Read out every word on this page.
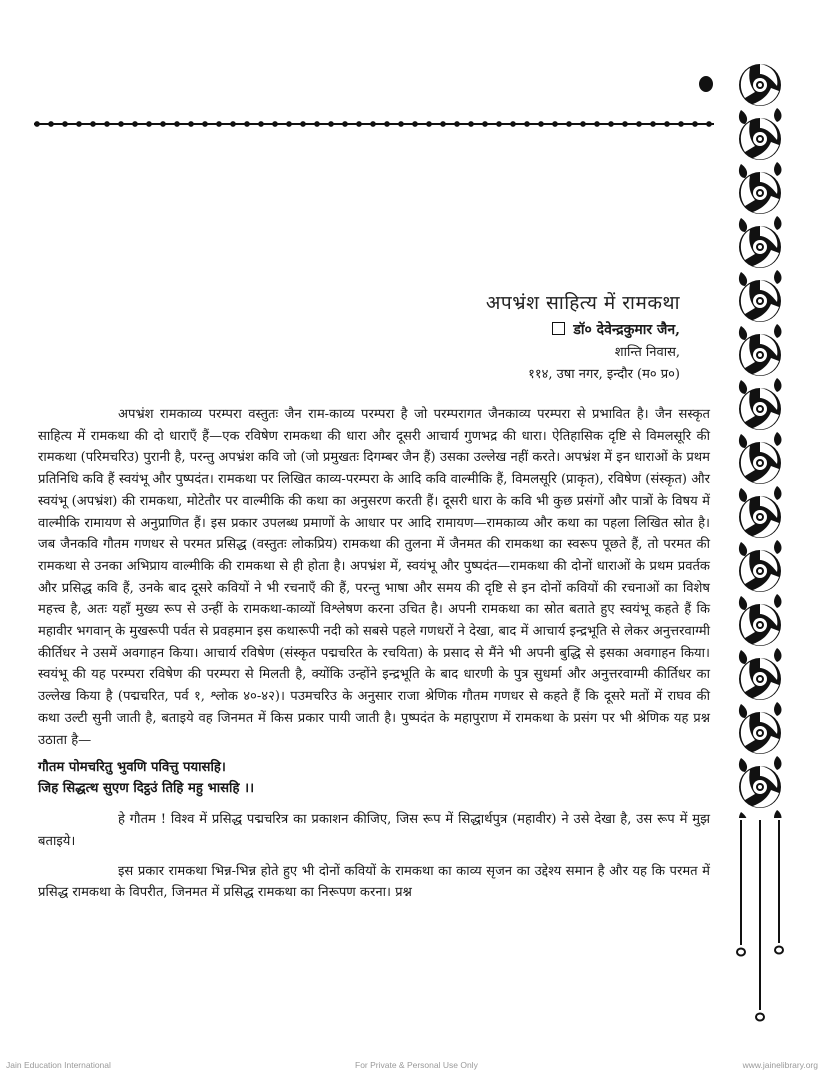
अपभ्रंश साहित्य में रामकथा
डॉ० देवेन्द्रकुमार जैन,
शान्ति निवास,
११४, उषा नगर, इन्दौर (म० प्र०)

अपभ्रंश रामकाव्य परम्परा वस्तुतः जैन राम-काव्य परम्परा है जो परम्परागत जैनकाव्य परम्परा से प्रभावित है। जैन सस्कृत साहित्य में रामकथा की दो धाराएँ हैं—एक रविषेण रामकथा की धारा और दूसरी आचार्य गुणभद्र की धारा। ऐतिहासिक दृष्टि से विमलसूरि की रामकथा (परिमचरिउ) पुरानी है, परन्तु अपभ्रंश कवि जो (जो प्रमुखतः दिगम्बर जैन हैं) उसका उल्लेख नहीं करते। अपभ्रंश में इन धाराओं के प्रथम प्रतिनिधि कवि हैं स्वयंभू और पुष्पदंत। रामकथा पर लिखित काव्य-परम्परा के आदि कवि वाल्मीकि हैं, विमलसूरि (प्राकृत), रविषेण (संस्कृत) और स्वयंभू (अपभ्रंश) की रामकथा, मोटेतौर पर वाल्मीकि की कथा का अनुसरण करती हैं। दूसरी धारा के कवि भी कुछ प्रसंगों और पात्रों के विषय में वाल्मीकि रामायण से अनुप्राणित हैं। इस प्रकार उपलब्ध प्रमाणों के आधार पर आदि रामायण—रामकाव्य और कथा का पहला लिखित स्रोत है। जब जैनकवि गौतम गणधर से परमत प्रसिद्ध (वस्तुतः लोकप्रिय) रामकथा की तुलना में जैनमत की रामकथा का स्वरूप पूछते हैं, तो परमत की रामकथा से उनका अभिप्राय वाल्मीकि की रामकथा से ही होता है। अपभ्रंश में, स्वयंभू और पुष्पदंत—रामकथा की दोनों धाराओं के प्रथम प्रवर्तक और प्रसिद्ध कवि हैं, उनके बाद दूसरे कवियों ने भी रचनाएँ की हैं, परन्तु भाषा और समय की दृष्टि से इन दोनों कवियों की रचनाओं का विशेष महत्त्व है, अतः यहाँ मुख्य रूप से उन्हीं के रामकथा-काव्यों विश्लेषण करना उचित है। अपनी रामकथा का स्रोत बताते हुए स्वयंभू कहते हैं कि महावीर भगवान् के मुखरूपी पर्वत से प्रवहमान इस कथारूपी नदी को सबसे पहले गणधरों ने देखा, बाद में आचार्य इन्द्रभूति से लेकर अनुत्तरवाग्मी कीर्तिधर ने उसमें अवगाहन किया। आचार्य रविषेण (संस्कृत पद्मचरित के रचयिता) के प्रसाद से मैंने भी अपनी बुद्धि से इसका अवगाहन किया। स्वयंभू की यह परम्परा रविषेण की परम्परा से मिलती है, क्योंकि उन्होंने इन्द्रभूति के बाद धारणी के पुत्र सुधर्मा और अनुत्तरवाग्मी कीर्तिधर का उल्लेख किया है (पद्मचरित, पर्व १, श्लोक ४०-४२)। पउमचरिउ के अनुसार राजा श्रेणिक गौतम गणधर से कहते हैं कि दूसरे मतों में राघव की कथा उल्टी सुनी जाती है, बताइये वह जिनमत में किस प्रकार पायी जाती है। पुष्पदंत के महापुराण में रामकथा के प्रसंग पर भी श्रेणिक यह प्रश्न उठाता है—

गौतम पोमचरितु भुवणि पवित्तु पयासहि।
जिह सिद्धत्थ सुएण दिट्ठउं तिहि महु भासहि ।।

हे गौतम ! विश्व में प्रसिद्ध पद्मचरित्र का प्रकाशन कीजिए, जिस रूप में सिद्धार्थपुत्र (महावीर) ने उसे देखा है, उस रूप में मुझ बताइये।

इस प्रकार रामकथा भिन्न-भिन्न होते हुए भी दोनों कवियों के रामकथा का काव्य सृजन का उद्देश्य समान है और यह कि परमत में प्रसिद्ध रामकथा के विपरीत, जिनमत में प्रसिद्ध रामकथा का निरूपण करना। प्रश्न

Jain Education International	For Private & Personal Use Only	www.jainelibrary.org
